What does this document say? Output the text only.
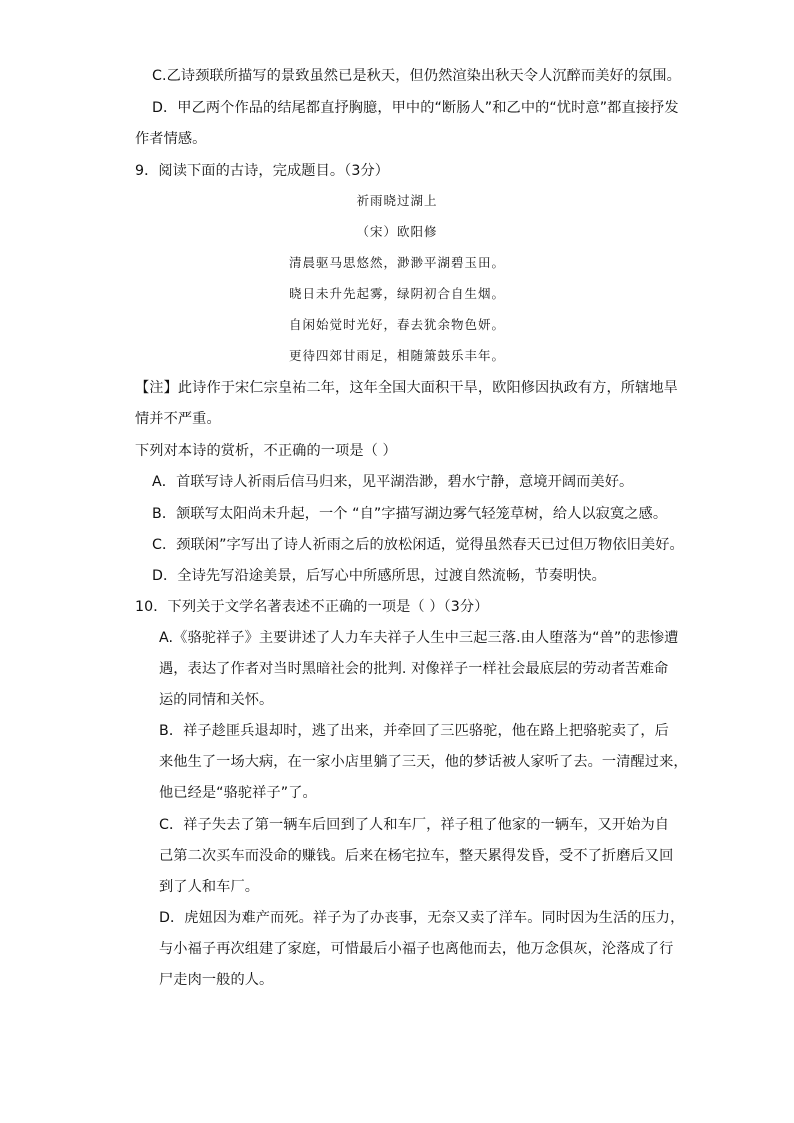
C.乙诗颈联所描写的景致虽然已是秋天，但仍然渲染出秋天令人沉醉而美好的氛围。
D．甲乙两个作品的结尾都直抒胸臆，甲中的“断肠人”和乙中的“忧时意”都直接抒发
作者情感。
9．阅读下面的古诗，完成题目。（3分）
祈雨晓过湖上
（宋）欧阳修
清晨驱马思悠然，渺渺平湖碧玉田。
晓日未升先起雾，绿阴初合自生烟。
自闲始觉时光好，春去犹余物色妍。
更待四郊甘雨足，相随箫鼓乐丰年。
【注】此诗作于宋仁宗皇祐二年，这年全国大面积干旱，欧阳修因执政有方，所辖地旱
情并不严重。
下列对本诗的赏析，不正确的一项是（ ）
A．首联写诗人祈雨后信马归来，见平湖浩渺，碧水宁静，意境开阔而美好。
B．颔联写太阳尚未升起，一个 “自”字描写湖边雾气轻笼草树，给人以寂寞之感。
C．颈联闲”字写出了诗人祈雨之后的放松闲适，觉得虽然春天已过但万物依旧美好。
D．全诗先写沿途美景，后写心中所感所思，过渡自然流畅，节奏明快。
10．下列关于文学名著表述不正确的一项是（ ）（3分）
A.《骆驼祥子》主要讲述了人力车夫祥子人生中三起三落.由人堕落为“兽”的悲惨遭
遇，表达了作者对当时黑暗社会的批判. 对像祥子一样社会最底层的劳动者苦难命
运的同情和关怀。
B．祥子趁匪兵退却时，逃了出来，并牵回了三匹骆驼，他在路上把骆驼卖了，后
来他生了一场大病，在一家小店里躺了三天，他的梦话被人家听了去。一清醒过来，
他已经是“骆驼祥子”了。
C．祥子失去了第一辆车后回到了人和车厂，祥子租了他家的一辆车，又开始为自
己第二次买车而没命的赚钱。后来在杨宅拉车，整天累得发昏，受不了折磨后又回
到了人和车厂。
D．虎妞因为难产而死。祥子为了办丧事，无奈又卖了洋车。同时因为生活的压力，
与小福子再次组建了家庭，可惜最后小福子也离他而去，他万念俱灰，沦落成了行
尸走肉一般的人。
